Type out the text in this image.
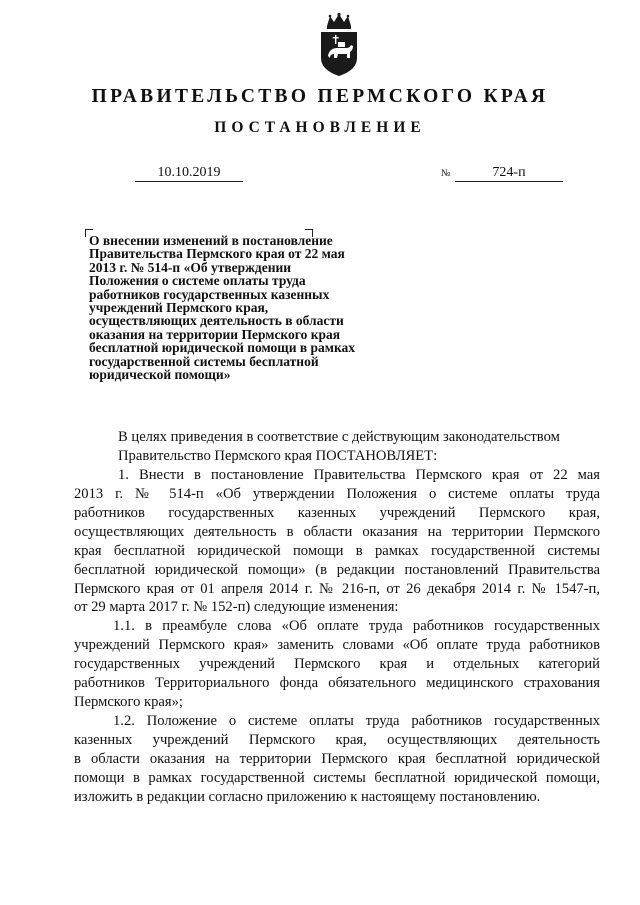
ПРАВИТЕЛЬСТВО ПЕРМСКОГО КРАЯ
ПОСТАНОВЛЕНИЕ
10.10.2019	№	724-п
О внесении изменений в постановление
Правительства Пермского края от 22 мая
2013 г. № 514-п «Об утверждении
Положения о системе оплаты труда
работников государственных казенных
учреждений Пермского края,
осуществляющих деятельность в области
оказания на территории Пермского края
бесплатной юридической помощи в рамках
государственной системы бесплатной
юридической помощи»
В целях приведения в соответствие с действующим законодательством
Правительство Пермского края ПОСТАНОВЛЯЕТ:
1. Внести в постановление Правительства Пермского края от 22 мая
2013 г. № 514-п «Об утверждении Положения о системе оплаты труда
работников государственных казенных учреждений Пермского края,
осуществляющих деятельность в области оказания на территории Пермского
края бесплатной юридической помощи в рамках государственной системы
бесплатной юридической помощи» (в редакции постановлений Правительства
Пермского края от 01 апреля 2014 г. № 216-п, от 26 декабря 2014 г. № 1547-п,
от 29 марта 2017 г. № 152-п) следующие изменения:
1.1. в преамбуле слова «Об оплате труда работников государственных
учреждений Пермского края» заменить словами «Об оплате труда работников
государственных учреждений Пермского края и отдельных категорий
работников Территориального фонда обязательного медицинского страхования
Пермского края»;
1.2. Положение о системе оплаты труда работников государственных
казенных учреждений Пермского края, осуществляющих деятельность
в области оказания на территории Пермского края бесплатной юридической
помощи в рамках государственной системы бесплатной юридической помощи,
изложить в редакции согласно приложению к настоящему постановлению.
